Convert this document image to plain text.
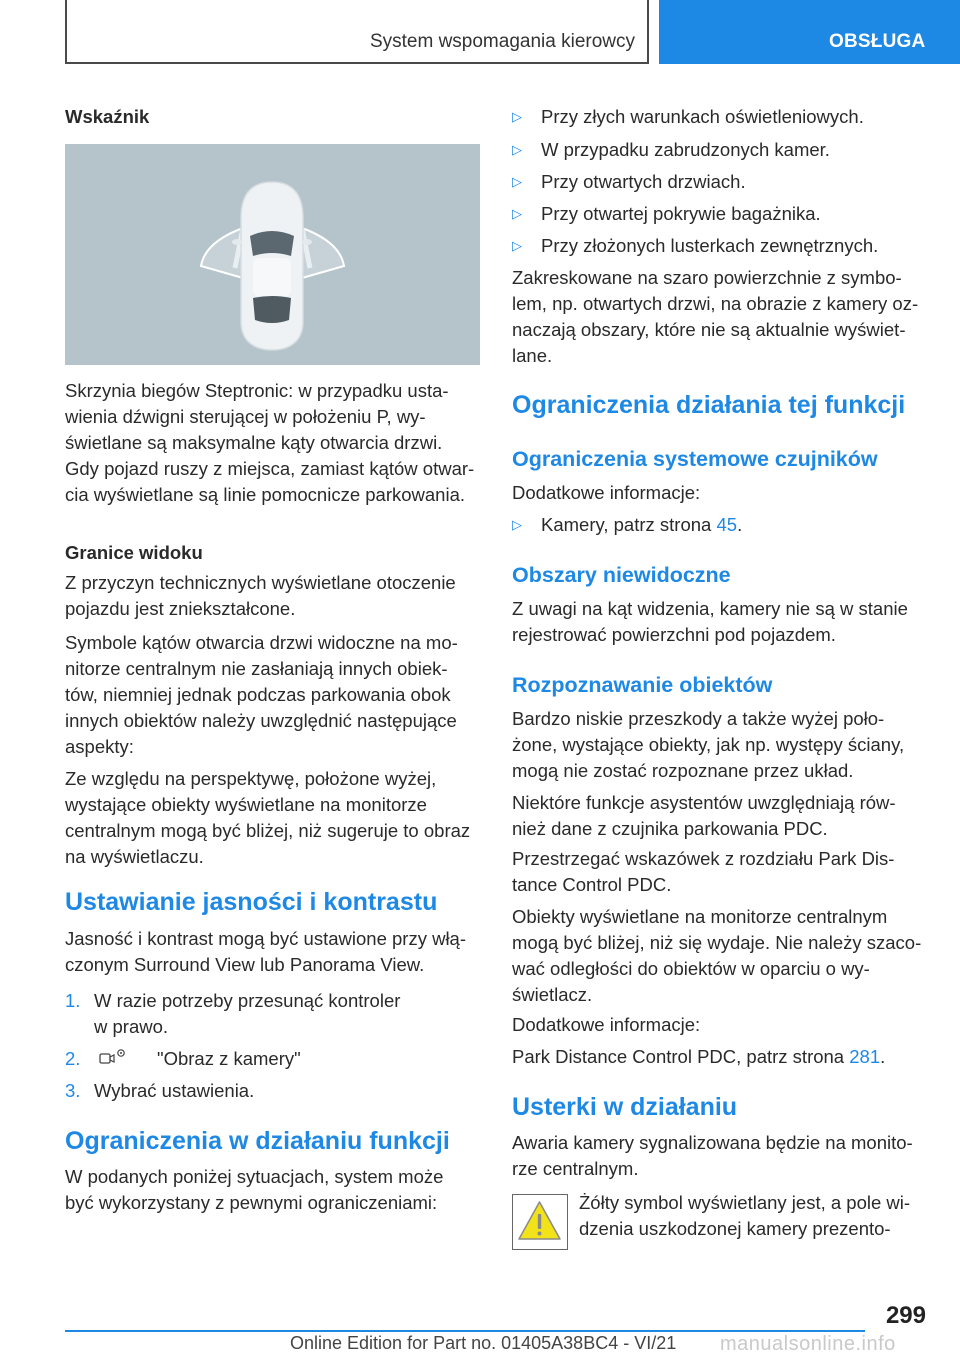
System wspomagania kierowcy	OBSŁUGA
Wskaźnik
Skrzynia biegów Steptronic: w przypadku usta-
wienia dźwigni sterującej w położeniu P, wy-
świetlane są maksymalne kąty otwarcia drzwi.
Gdy pojazd ruszy z miejsca, zamiast kątów otwar-
cia wyświetlane są linie pomocnicze parkowania.
Granice widoku
Z przyczyn technicznych wyświetlane otoczenie
pojazdu jest zniekształcone.
Symbole kątów otwarcia drzwi widoczne na mo-
nitorze centralnym nie zasłaniają innych obiek-
tów, niemniej jednak podczas parkowania obok
innych obiektów należy uwzględnić następujące
aspekty:
Ze względu na perspektywę, położone wyżej,
wystające obiekty wyświetlane na monitorze
centralnym mogą być bliżej, niż sugeruje to obraz
na wyświetlaczu.
Ustawianie jasności i kontrastu
Jasność i kontrast mogą być ustawione przy włą-
czonym Surround View lub Panorama View.
1. W razie potrzeby przesunąć kontroler
w prawo.
2.	"Obraz z kamery"
3. Wybrać ustawienia.
Ograniczenia w działaniu funkcji
W podanych poniżej sytuacjach, system może
być wykorzystany z pewnymi ograniczeniami:
▷ Przy złych warunkach oświetleniowych.
▷ W przypadku zabrudzonych kamer.
▷ Przy otwartych drzwiach.
▷ Przy otwartej pokrywie bagażnika.
▷ Przy złożonych lusterkach zewnętrznych.
Zakreskowane na szaro powierzchnie z symbo-
lem, np. otwartych drzwi, na obrazie z kamery oz-
naczają obszary, które nie są aktualnie wyświet-
lane.
Ograniczenia działania tej funkcji
Ograniczenia systemowe czujników
Dodatkowe informacje:
▷ Kamery, patrz strona 45.
Obszary niewidoczne
Z uwagi na kąt widzenia, kamery nie są w stanie
rejestrować powierzchni pod pojazdem.
Rozpoznawanie obiektów
Bardzo niskie przeszkody a także wyżej poło-
żone, wystające obiekty, jak np. występy ściany,
mogą nie zostać rozpoznane przez układ.
Niektóre funkcje asystentów uwzględniają rów-
nież dane z czujnika parkowania PDC.
Przestrzegać wskazówek z rozdziału Park Dis-
tance Control PDC.
Obiekty wyświetlane na monitorze centralnym
mogą być bliżej, niż się wydaje. Nie należy szaco-
wać odległości do obiektów w oparciu o wy-
świetlacz.
Dodatkowe informacje:
Park Distance Control PDC, patrz strona 281.
Usterki w działaniu
Awaria kamery sygnalizowana będzie na monito-
rze centralnym.
Żółty symbol wyświetlany jest, a pole wi-
dzenia uszkodzonej kamery prezento-
299
Online Edition for Part no. 01405A38BC4 - VI/21 manualsonline.info
